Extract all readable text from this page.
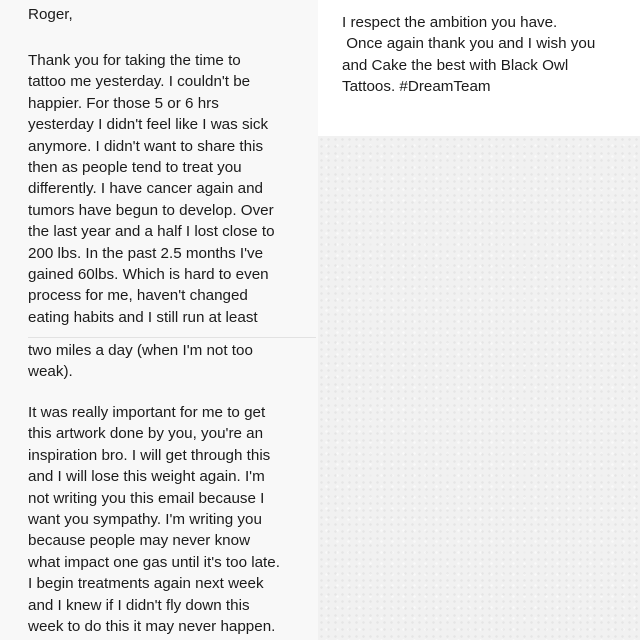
Roger,

Thank you for taking the time to
tattoo me yesterday. I couldn't be
happier. For those 5 or 6 hrs
yesterday I didn't feel like I was sick
anymore. I didn't want to share this
then as people tend to treat you
differently. I have cancer again and
tumors have begun to develop. Over
the last year and a half I lost close to
200 lbs. In the past 2.5 months I've
gained 60lbs. Which is hard to even
process for me, haven't changed
eating habits and I still run at least
two miles a day (when I'm not too
weak).
It was really important for me to get
this artwork done by you, you're an
inspiration bro. I will get through this
and I will lose this weight again. I'm
not writing you this email because I
want you sympathy. I'm writing you
because people may never know
what impact one gas until it's too late.
I begin treatments again next week
and I knew if I didn't fly down this
week to do this it may never happen.
I respect the ambition you have.
Once again thank you and I wish you
and Cake the best with Black Owl
Tattoos. #DreamTeam
